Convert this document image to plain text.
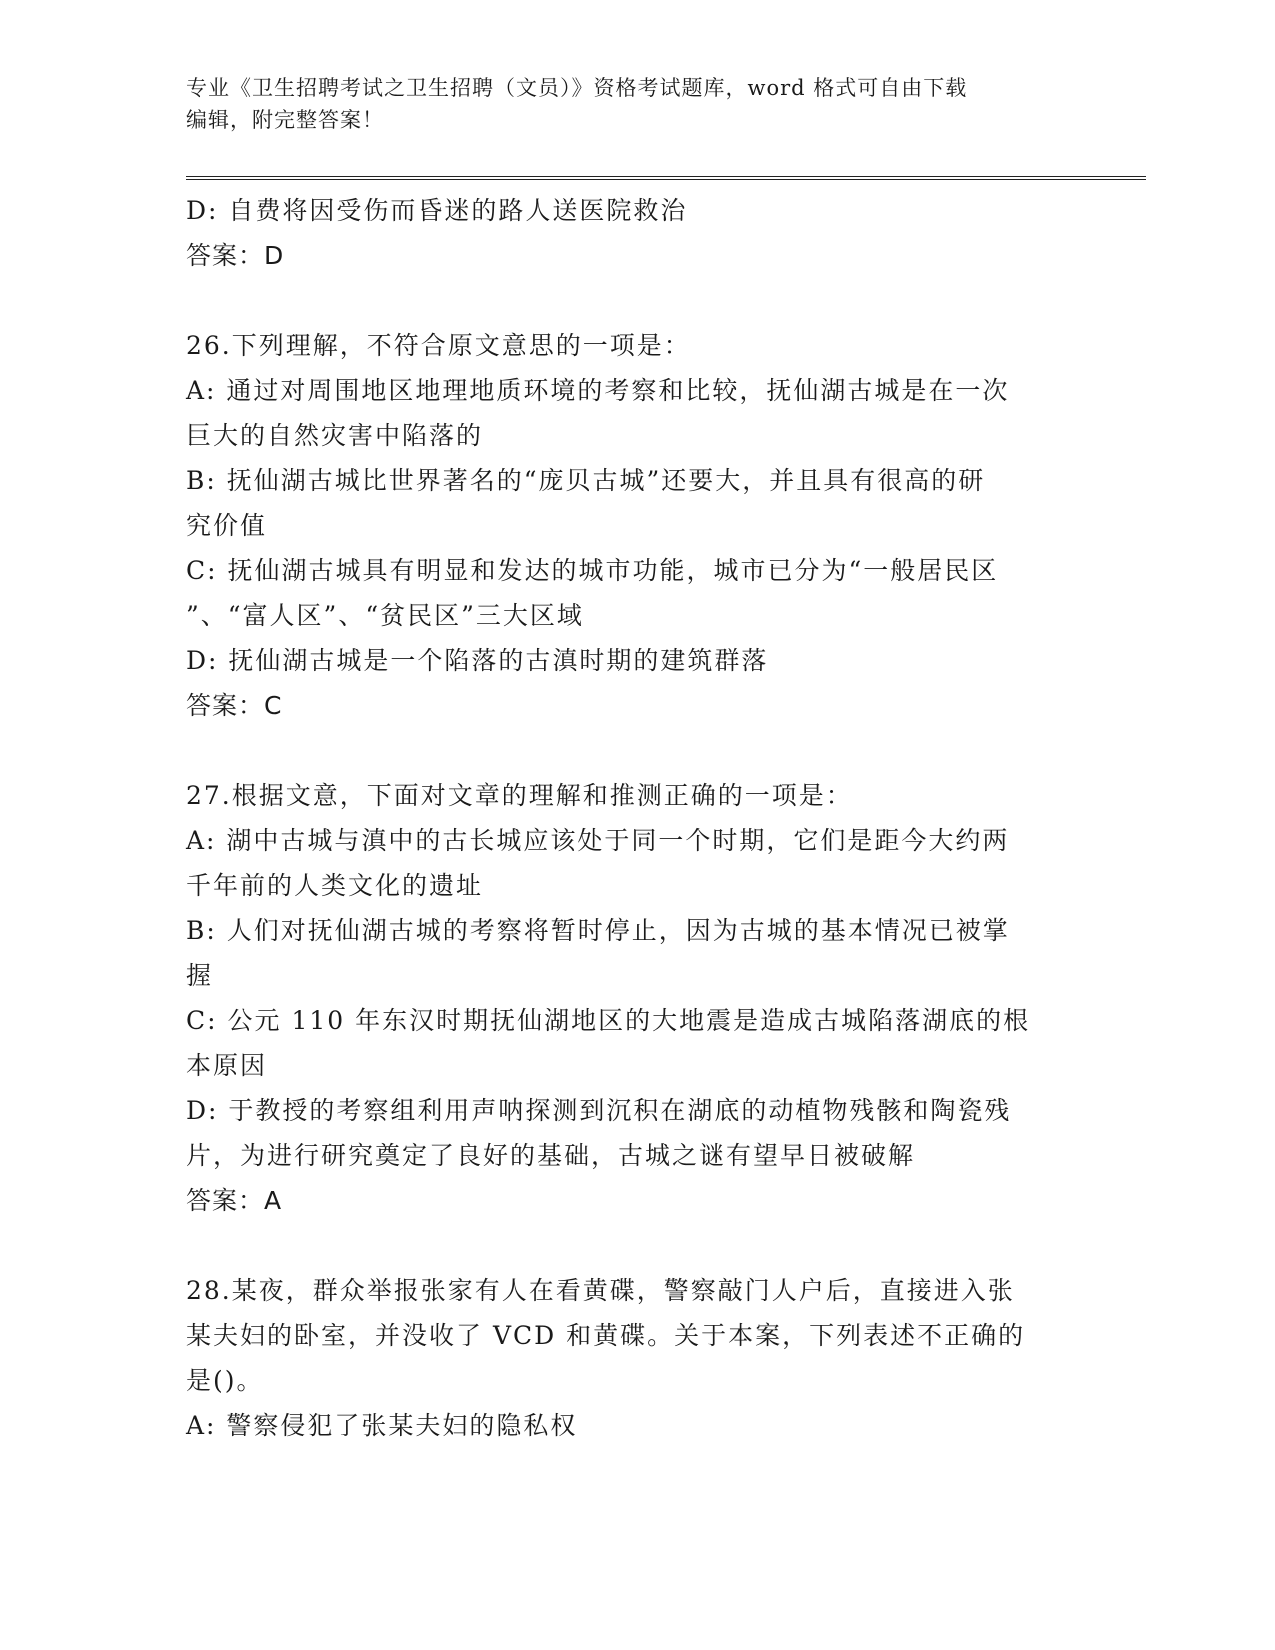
专业《卫生招聘考试之卫生招聘（文员）》资格考试题库，word 格式可自由下载
编辑，附完整答案！
D: 自费将因受伤而昏迷的路人送医院救治
答案：D
26.下列理解，不符合原文意思的一项是：
A: 通过对周围地区地理地质环境的考察和比较，抚仙湖古城是在一次
巨大的自然灾害中陷落的
B: 抚仙湖古城比世界著名的“庞贝古城”还要大，并且具有很高的研
究价值
C: 抚仙湖古城具有明显和发达的城市功能，城市已分为“一般居民区
”、“富人区”、“贫民区”三大区域
D: 抚仙湖古城是一个陷落的古滇时期的建筑群落
答案：C
27.根据文意，下面对文章的理解和推测正确的一项是：
A: 湖中古城与滇中的古长城应该处于同一个时期，它们是距今大约两
千年前的人类文化的遗址
B: 人们对抚仙湖古城的考察将暂时停止，因为古城的基本情况已被掌
握
C: 公元 110 年东汉时期抚仙湖地区的大地震是造成古城陷落湖底的根
本原因
D: 于教授的考察组利用声呐探测到沉积在湖底的动植物残骸和陶瓷残
片，为进行研究奠定了良好的基础，古城之谜有望早日被破解
答案：A
28.某夜，群众举报张家有人在看黄碟，警察敲门人户后，直接进入张
某夫妇的卧室，并没收了 VCD 和黄碟。关于本案，下列表述不正确的
是()。
A: 警察侵犯了张某夫妇的隐私权
